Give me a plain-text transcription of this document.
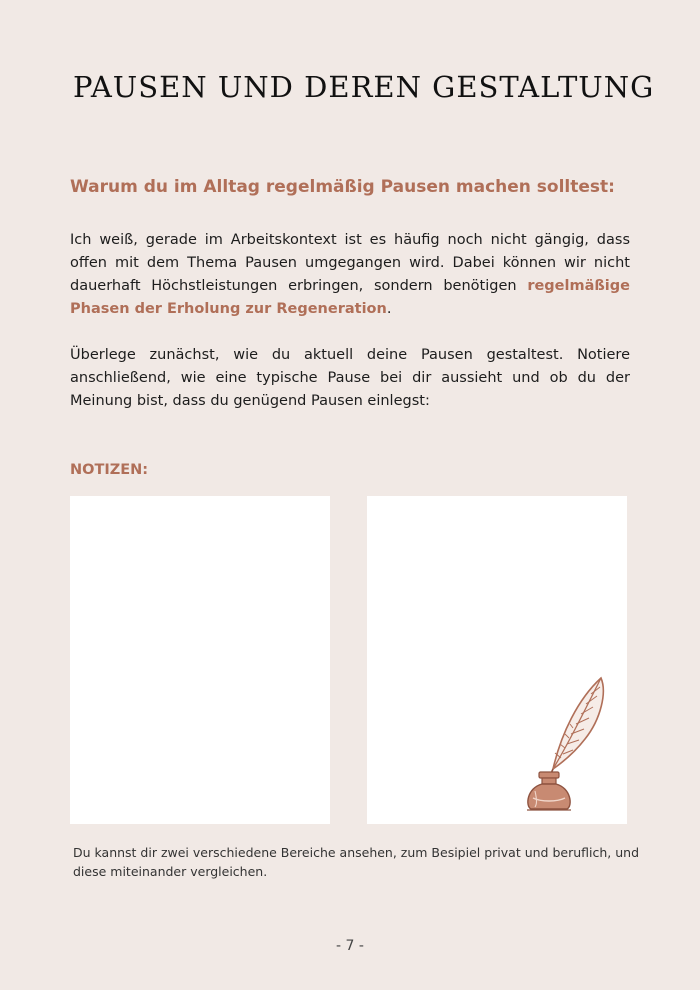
PAUSEN UND DEREN GESTALTUNG
Warum du im Alltag regelmäßig Pausen machen solltest:

Ich weiß, gerade im Arbeitskontext ist es häufig noch nicht gängig, dass offen mit dem Thema Pausen umgegangen wird. Dabei können wir nicht dauerhaft Höchstleistungen erbringen, sondern benötigen regelmäßige Phasen der Erholung zur Regeneration.

Überlege zunächst, wie du aktuell deine Pausen gestaltest. Notiere anschließend, wie eine typische Pause bei dir aussieht und ob du der Meinung bist, dass du genügend Pausen einlegst:

NOTIZEN:

Du kannst dir zwei verschiedene Bereiche ansehen, zum Besipiel privat und beruflich, und diese miteinander vergleichen.

- 7 -
